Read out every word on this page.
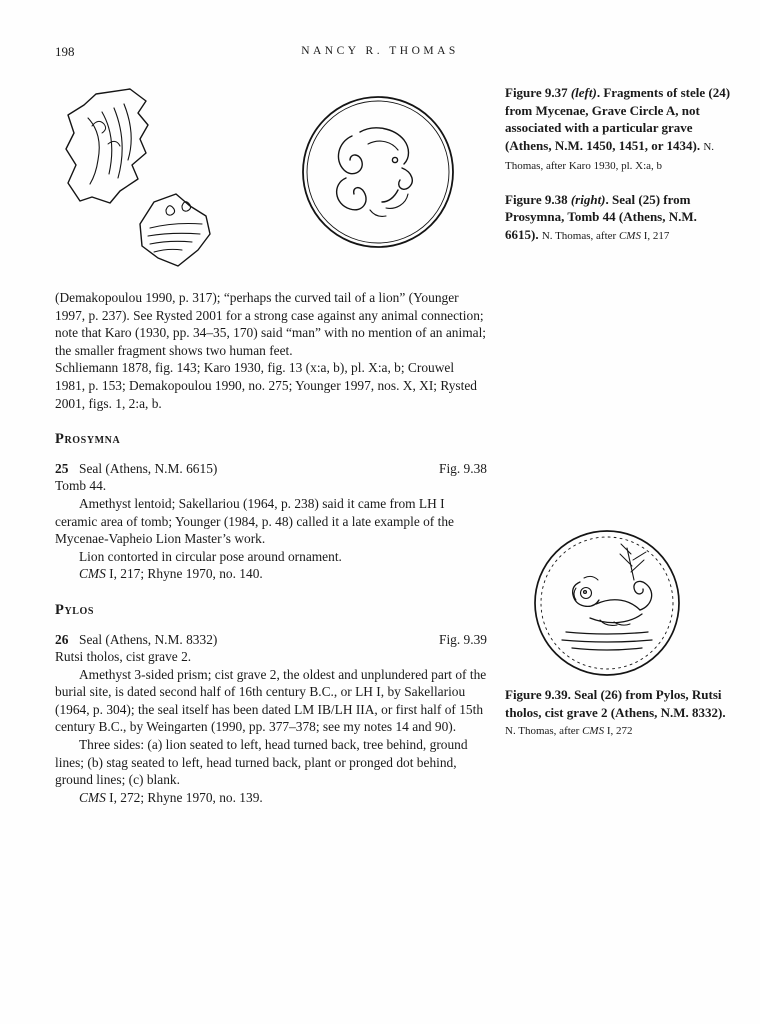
198	NANCY R. THOMAS

Figure 9.37 (left). Fragments of stele (24) from Mycenae, Grave Circle A, not associated with a particular grave (Athens, N.M. 1450, 1451, or 1434). N. Thomas, after Karo 1930, pl. X:a, b

Figure 9.38 (right). Seal (25) from Prosymna, Tomb 44 (Athens, N.M. 6615). N. Thomas, after CMS I, 217

Figure 9.39. Seal (26) from Pylos, Rutsi tholos, cist grave 2 (Athens, N.M. 8332). N. Thomas, after CMS I, 272

(Demakopoulou 1990, p. 317); “perhaps the curved tail of a lion” (Younger 1997, p. 237). See Rysted 2001 for a strong case against any animal connection; note that Karo (1930, pp. 34–35, 170) said “man” with no mention of an animal; the smaller fragment shows two human feet.

Schliemann 1878, fig. 143; Karo 1930, fig. 13 (x:a, b), pl. X:a, b; Crouwel 1981, p. 153; Demakopoulou 1990, no. 275; Younger 1997, nos. X, XI; Rysted 2001, figs. 1, 2:a, b.

Prosymna
25 Seal (Athens, N.M. 6615)	Fig. 9.38

Tomb 44.

Amethyst lentoid; Sakellariou (1964, p. 238) said it came from LH I ceramic area of tomb; Younger (1984, p. 48) called it a late example of the Mycenae-Vapheio Lion Master’s work.

Lion contorted in circular pose around ornament.

CMS I, 217; Rhyne 1970, no. 140.

Pylos
26 Seal (Athens, N.M. 8332)	Fig. 9.39

Rutsi tholos, cist grave 2.

Amethyst 3-sided prism; cist grave 2, the oldest and unplundered part of the burial site, is dated second half of 16th century B.C., or LH I, by Sakellariou (1964, p. 304); the seal itself has been dated LM IB/LH IIA, or first half of 15th century B.C., by Weingarten (1990, pp. 377–378; see my notes 14 and 90).

Three sides: (a) lion seated to left, head turned back, tree behind, ground lines; (b) stag seated to left, head turned back, plant or pronged dot behind, ground lines; (c) blank.

CMS I, 272; Rhyne 1970, no. 139.
